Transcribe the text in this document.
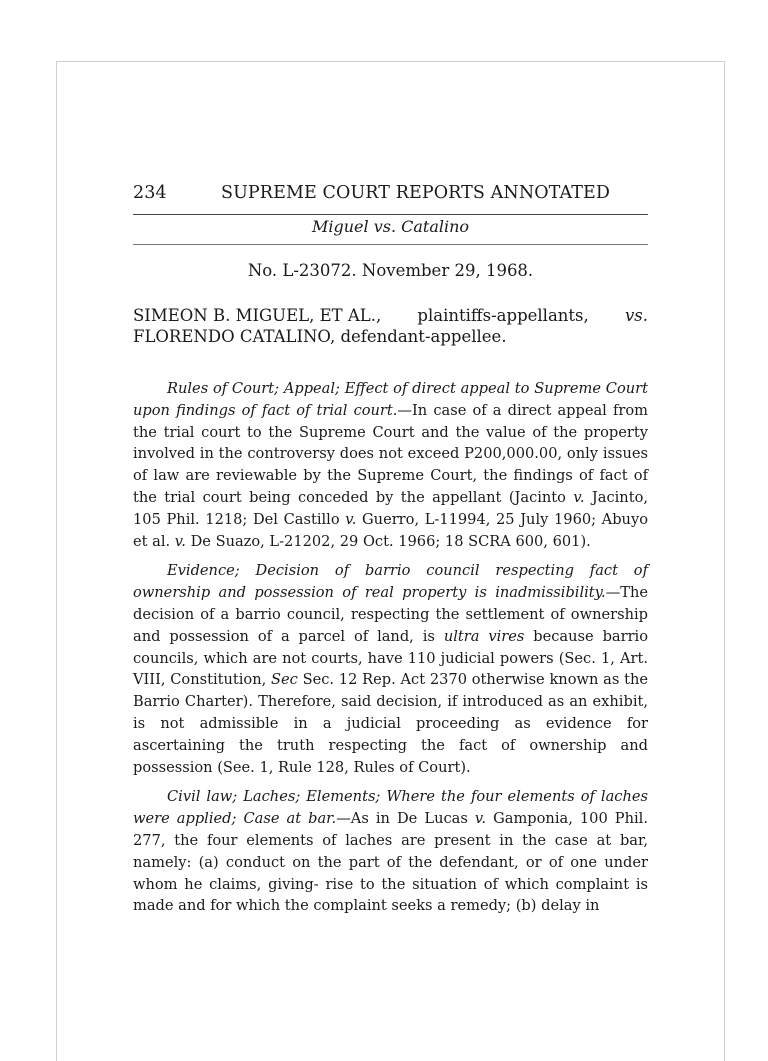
234	SUPREME COURT REPORTS ANNOTATED
Miguel vs. Catalino
No. L-23072. November 29, 1968.
SIMEON B. MIGUEL, ET AL., plaintiffs-appellants, vs.
FLORENDO CATALINO, defendant-appellee.

Rules of Court; Appeal; Effect of direct appeal to Supreme Court upon findings of fact of trial court.—In case of a direct appeal from the trial court to the Supreme Court and the value of the property involved in the controversy does not exceed P200,000.00, only issues of law are reviewable by the Supreme Court, the findings of fact of the trial court being conceded by the appellant (Jacinto v. Jacinto, 105 Phil. 1218; Del Castillo v. Guerro, L-11994, 25 July 1960; Abuyo et al. v. De Suazo, L-21202, 29 Oct. 1966; 18 SCRA 600, 601).

Evidence; Decision of barrio council respecting fact of ownership and possession of real property is inadmissibility.—The decision of a barrio council, respecting the settlement of ownership and possession of a parcel of land, is ultra vires because barrio councils, which are not courts, have 110 judicial powers (Sec. 1, Art. VIII, Constitution, Sec Sec. 12 Rep. Act 2370 otherwise known as the Barrio Charter). Therefore, said decision, if introduced as an exhibit, is not admissible in a judicial proceeding as evidence for ascertaining the truth respecting the fact of ownership and possession (See. 1, Rule 128, Rules of Court).

Civil law; Laches; Elements; Where the four elements of laches were applied; Case at bar.—As in De Lucas v. Gamponia, 100 Phil. 277, the four elements of laches are present in the case at bar, namely: (a) conduct on the part of the defendant, or of one under whom he claims, giving- rise to the situation of which complaint is made and for which the complaint seeks a remedy; (b) delay in
